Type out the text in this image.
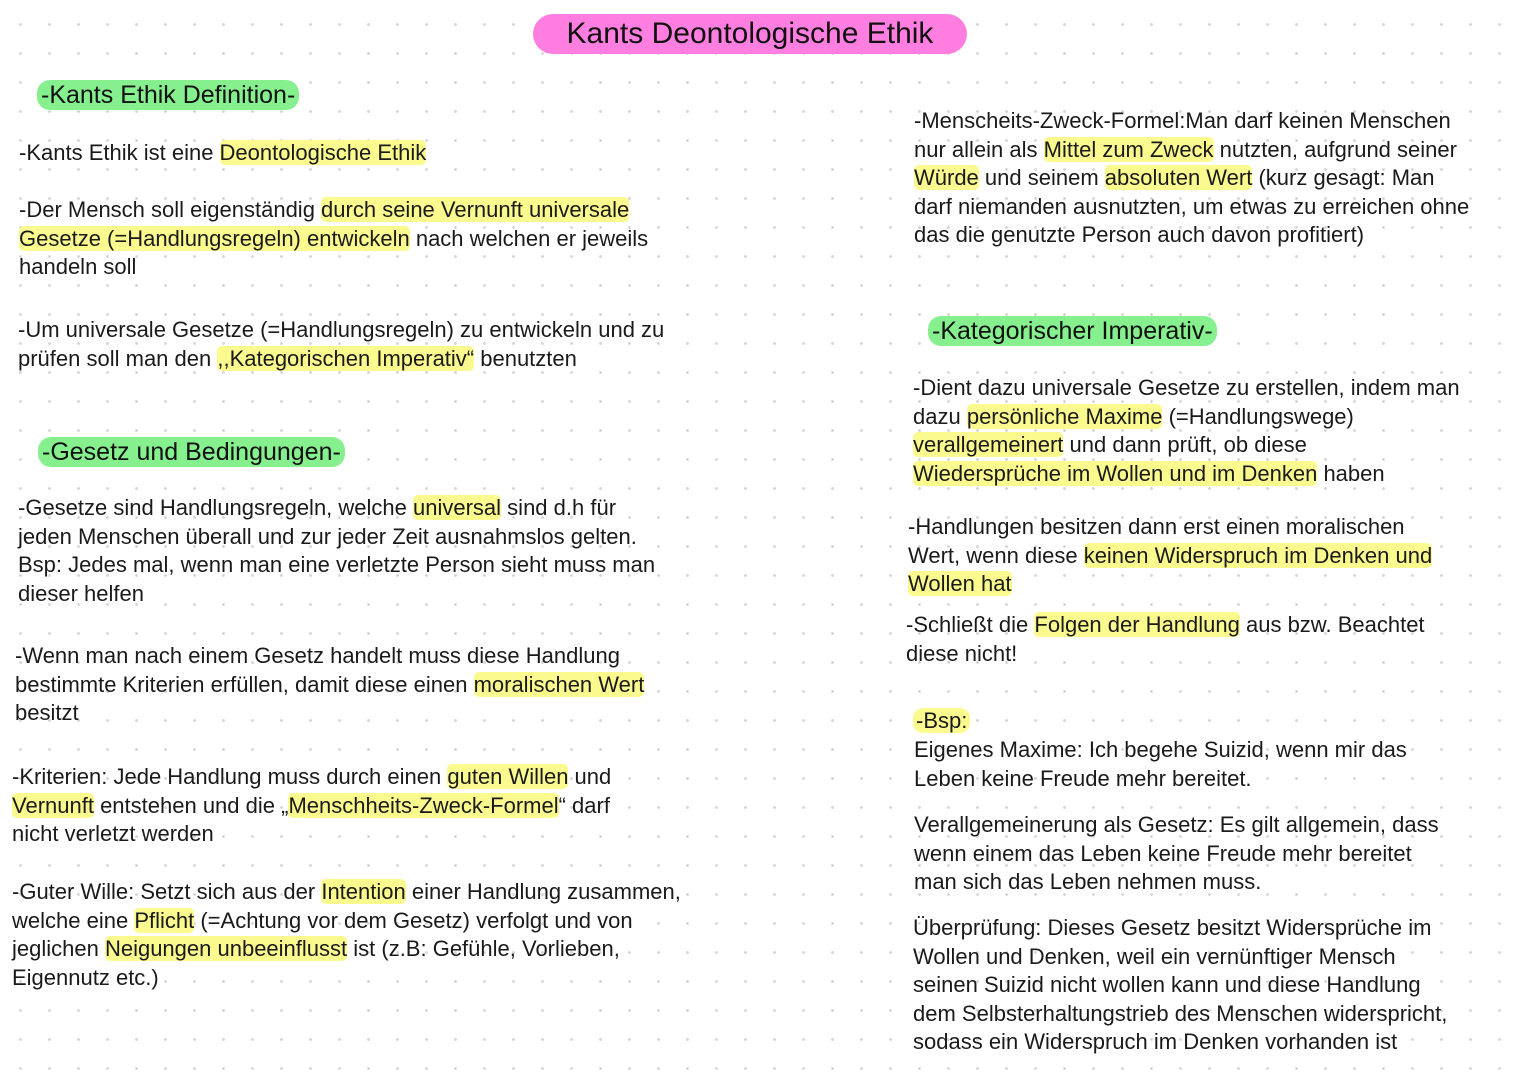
Kants Deontologische Ethik
-Kants Ethik Definition-
-Kants Ethik ist eine Deontologische Ethik
-Der Mensch soll eigenständig durch seine Vernunft universale
Gesetze (=Handlungsregeln) entwickeln nach welchen er jeweils
handeln soll
-Um universale Gesetze (=Handlungsregeln) zu entwickeln und zu
prüfen soll man den ,,Kategorischen Imperativ“ benutzten
-Gesetz und Bedingungen-
-Gesetze sind Handlungsregeln, welche universal sind d.h für
jeden Menschen überall und zur jeder Zeit ausnahmslos gelten.
Bsp: Jedes mal, wenn man eine verletzte Person sieht muss man
dieser helfen
-Wenn man nach einem Gesetz handelt muss diese Handlung
bestimmte Kriterien erfüllen, damit diese einen moralischen Wert
besitzt
-Kriterien: Jede Handlung muss durch einen guten Willen und
Vernunft entstehen und die „Menschheits-Zweck-Formel“ darf
nicht verletzt werden
-Guter Wille: Setzt sich aus der Intention einer Handlung zusammen,
welche eine Pflicht (=Achtung vor dem Gesetz) verfolgt und von
jeglichen Neigungen unbeeinflusst ist (z.B: Gefühle, Vorlieben,
Eigennutz etc.)
-Menscheits-Zweck-Formel:Man darf keinen Menschen
nur allein als Mittel zum Zweck nutzten, aufgrund seiner
Würde und seinem absoluten Wert (kurz gesagt: Man
darf niemanden ausnutzten, um etwas zu erreichen ohne
das die genutzte Person auch davon profitiert)
-Kategorischer Imperativ-
-Dient dazu universale Gesetze zu erstellen, indem man
dazu persönliche Maxime (=Handlungswege)
verallgemeinert und dann prüft, ob diese
Wiedersprüche im Wollen und im Denken haben
-Handlungen besitzen dann erst einen moralischen
Wert, wenn diese keinen Widerspruch im Denken und
Wollen hat
-Schließt die Folgen der Handlung aus bzw. Beachtet
diese nicht!
-Bsp:
Eigenes Maxime: Ich begehe Suizid, wenn mir das
Leben keine Freude mehr bereitet.
Verallgemeinerung als Gesetz: Es gilt allgemein, dass
wenn einem das Leben keine Freude mehr bereitet
man sich das Leben nehmen muss.
Überprüfung: Dieses Gesetz besitzt Widersprüche im
Wollen und Denken, weil ein vernünftiger Mensch
seinen Suizid nicht wollen kann und diese Handlung
dem Selbsterhaltungstrieb des Menschen widerspricht,
sodass ein Widerspruch im Denken vorhanden ist
